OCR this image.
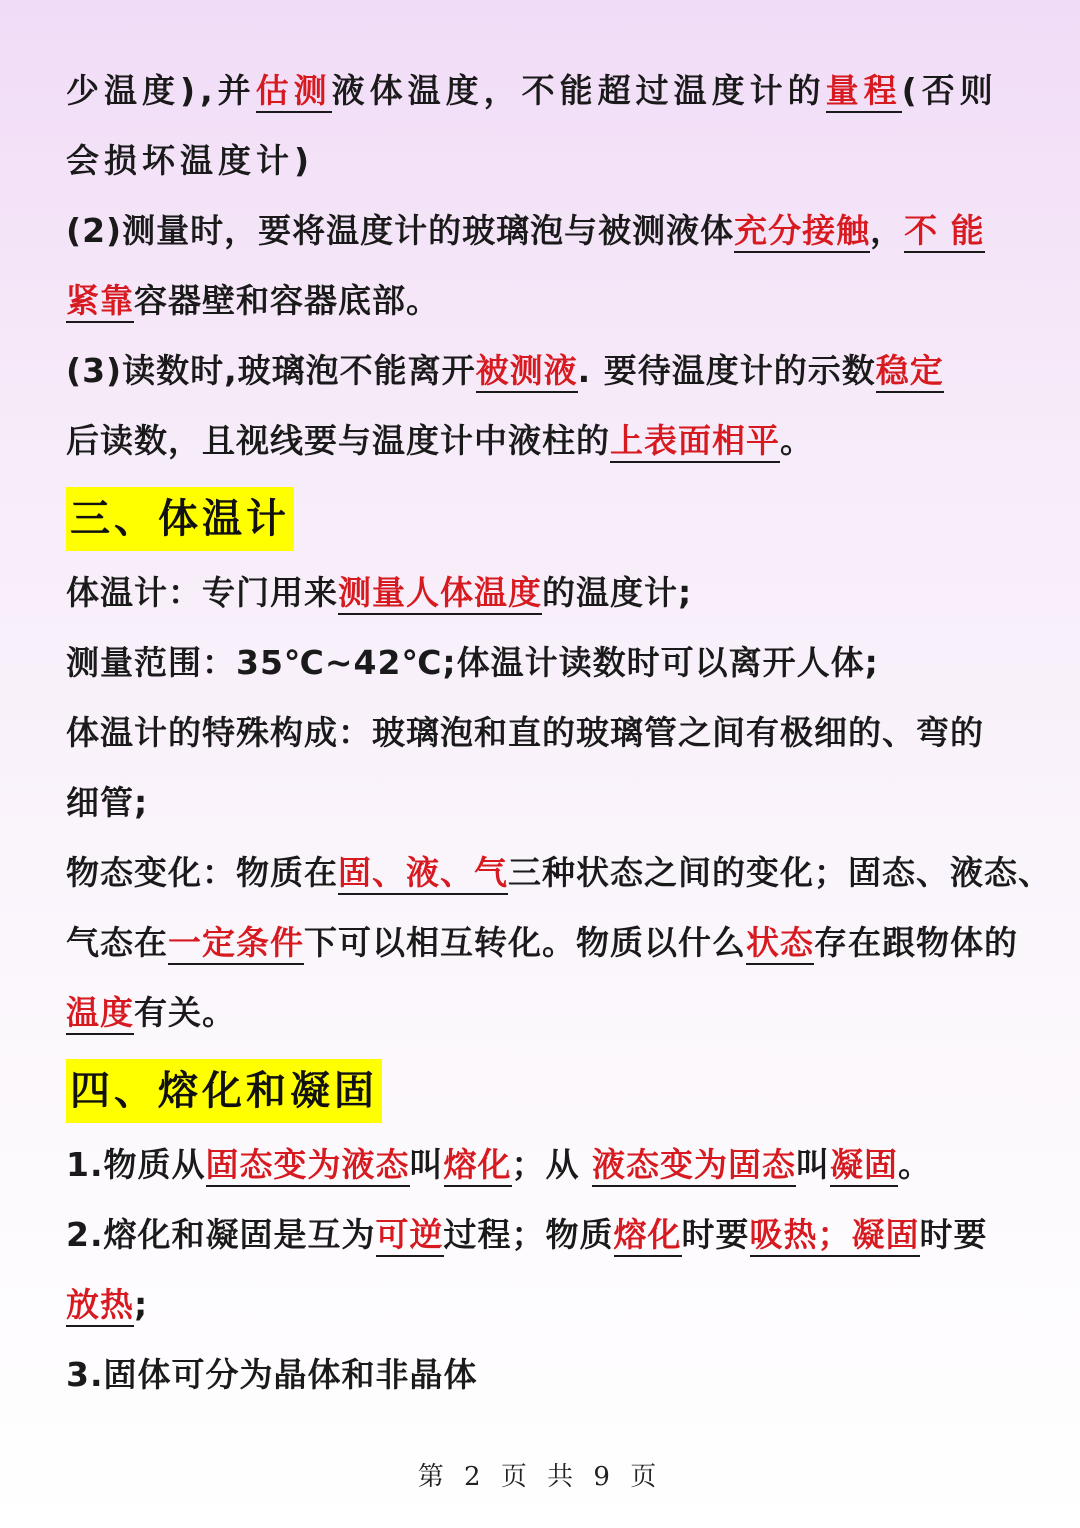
少温度),并估测液体温度，不能超过温度计的量程(否则
会损坏温度计)
(2)测量时，要将温度计的玻璃泡与被测液体充分接触，不 能
紧靠容器壁和容器底部。
(3)读数时,玻璃泡不能离开被测液. 要待温度计的示数稳定
后读数，且视线要与温度计中液柱的上表面相平。
三、体温计
体温计：专门用来测量人体温度的温度计;
测量范围：35℃~42℃;体温计读数时可以离开人体;
体温计的特殊构成：玻璃泡和直的玻璃管之间有极细的、弯的
细管;
物态变化：物质在固、液、气三种状态之间的变化；固态、液态、
气态在一定条件下可以相互转化。物质以什么状态存在跟物体的
温度有关。
四、熔化和凝固
1.物质从固态变为液态叫熔化；从 液态变为固态叫凝固。
2.熔化和凝固是互为可逆过程；物质熔化时要吸热；凝固时要
放热;
3.固体可分为晶体和非晶体
第 2 页 共 9 页
